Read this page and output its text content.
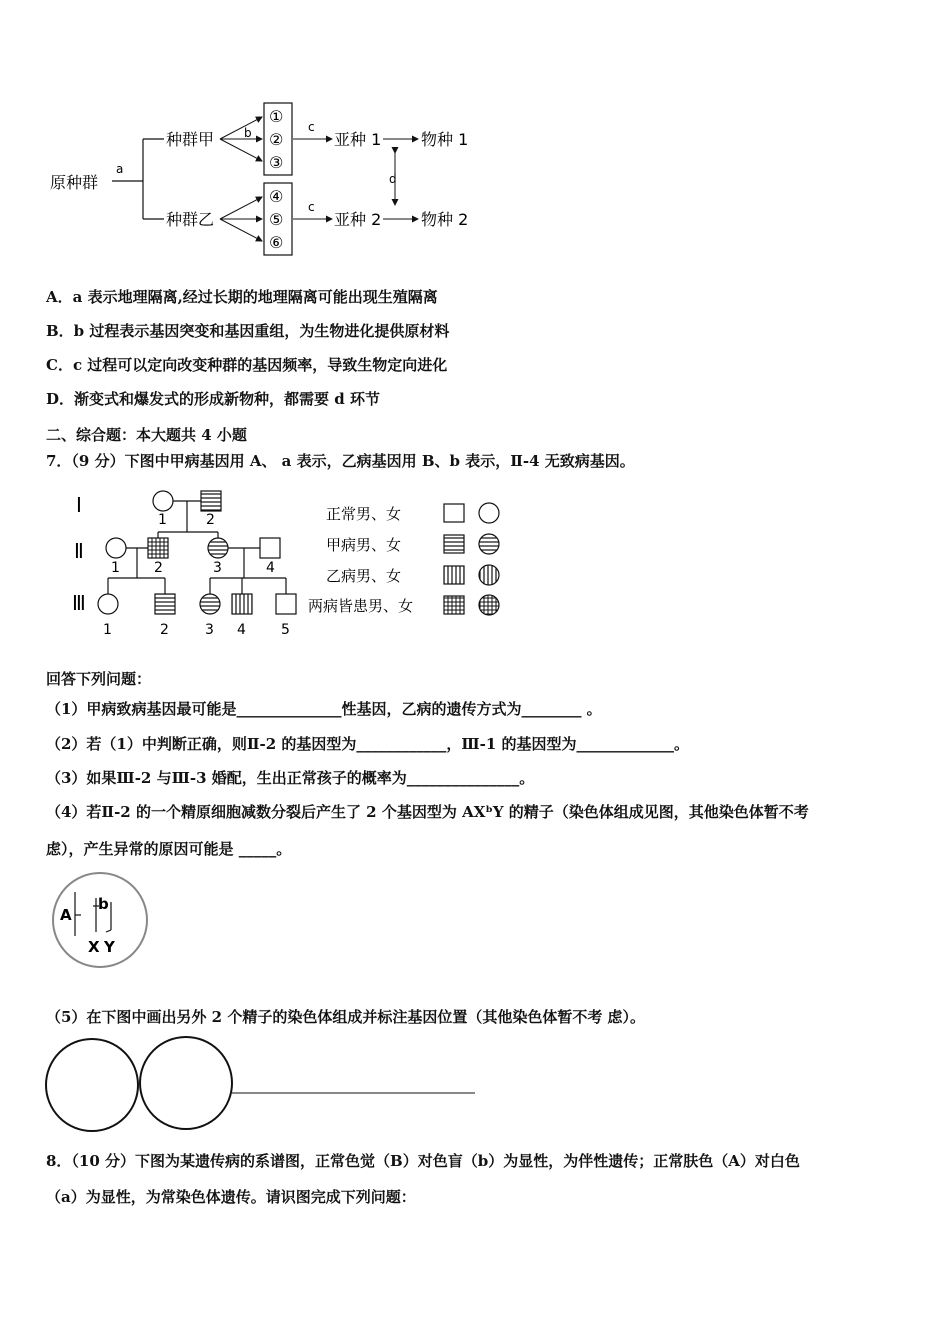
原种群
a
种群甲
种群乙
b
①
②
③
④
⑤
⑥
c
c
亚种 1
亚种 2
物种 1
物种 2
d
A．a 表示地理隔离,经过长期的地理隔离可能出现生殖隔离
B．b 过程表示基因突变和基因重组，为生物进化提供原材料
C．c 过程可以定向改变种群的基因频率，导致生物定向进化
D．渐变式和爆发式的形成新物种，都需要 d 环节
二、综合题：本大题共 4 小题
7．（9 分）下图中甲病基因用 A、 a 表示，乙病基因用 B、b 表示，Ⅱ-4 无致病基因。
Ⅰ
Ⅱ
Ⅲ
1	2
1 2	3	4
1	2	3 4	5
正常男、女
甲病男、女
乙病男、女
两病皆患男、女
回答下列问题：
（1）甲病致病基因最可能是______________性基因，乙病的遗传方式为________ 。
（2）若（1）中判断正确，则Ⅱ-2 的基因型为____________，Ⅲ-1 的基因型为_____________。
（3）如果Ⅲ-2 与Ⅲ-3 婚配，生出正常孩子的概率为_______________。
（4）若Ⅱ-2 的一个精原细胞减数分裂后产生了 2 个基因型为 AXᵇY 的精子（染色体组成见图，其他染色体暂不考
虑），产生异常的原因可能是 _____。
A
b
X Y
（5）在下图中画出另外 2 个精子的染色体组成并标注基因位置（其他染色体暂不考 虑）。
8．（10 分）下图为某遗传病的系谱图，正常色觉（B）对色盲（b）为显性，为伴性遗传；正常肤色（A）对白色
（a）为显性，为常染色体遗传。请识图完成下列问题：
